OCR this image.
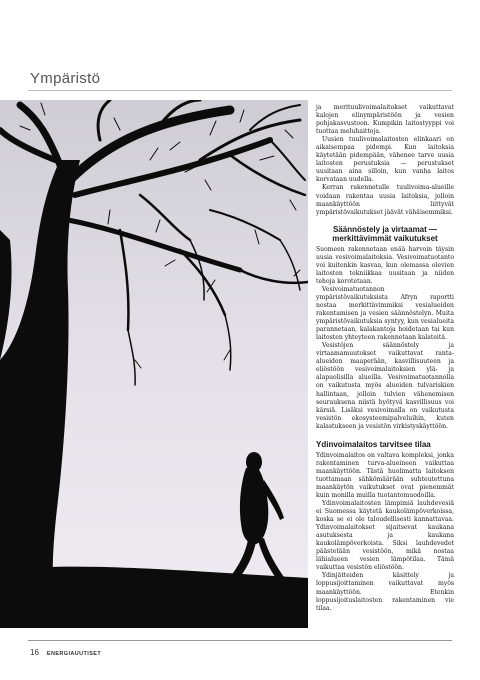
Ympäristö

ja merituulivoimalaitokset vaikuttavat kalojen elinympäristöön ja vesien pohjakasvustoon. Kumpikin laitostyyppi voi tuottaa meluhaittoja.

Uusien tuulivoimalaitosten elinkaari on aikaisempaa pidempi. Kun laitoksia käytetään pidempään, vähenee tarve uusia laitosten perustuksia — perustukset uusitaan aina silloin, kun vanha laitos korvataan uudella.

Kerran rakennetulle tuulivoima-alueille voidaan rakentaa uusia laitoksia, jolloin maankäyttöön liittyvät ympäristövaikutukset jäävät vähäisemmiksi.

Säännöstely ja virtaamat — merkittävimmät vaikutukset

Suomeen rakennetaan enää harvoin täysin uusia vesivoimalaitoksia. Vesivoimatuotanto voi kuitenkin kasvaa, kun olemassa olevien laitosten tekniikkaa uusitaan ja niiden tehoja korotetaan.

Vesivoimatuotannon ympäristövaikutuksista Afryn raportti nostaa merkittävimmiksi vesialueiden rakentamisen ja vesien säännöstelyn. Muita ympäristövaikutuksia syntyy, kun vesialueita parannetaan, kalakantoja hoidetaan tai kun laitosten yhteyteen rakennetaan kalateitä.

Vesistöjen säännöstely ja virtaamamuutokset vaikuttavat ranta-alueiden maaperään, kasvillisuuteen ja eliöstöön vesivoimalaitoksien ylä- ja alapuolisilla alueilla. Vesivoimatuotannolla on vaikutusta myös alueiden tulvariskien hallintaan, jolloin tulvien vähenemisen seurauksena niistä hyötyvä kasvillisuus voi kärsiä. Lisäksi vesivoimalla on vaikutusta vesistön ekosysteemipalveluihin, kuten kalastukseen ja vesistön virkistyskäyttöön.

Ydinvoimalaitos tarvitsee tilaa

Ydinvoimalaitos on valtava kompleksi, jonka rakentaminen turva-alueineen vaikuttaa maankäyttöön. Tästä huolimatta laitoksen tuottamaan sähkömäärään suhteutettuna maankäytön vaikutukset ovat pienemmät kuin monilla muilla tuotantomuodoilla.

Ydinvoimalaitosten lämpimiä lauhdevesiä ei Suomessa käytetä kaukolämpöverkoissa, koska se ei ole taloudellisesti kannattavaa. Ydinvoimalaitokset sijaitsevat kaukana asutuksesta ja kaukana kaukolämpöverkoista. Siksi lauhdevedet päästetään vesistöön, mikä nostaa lähialueen vesien lämpötilaa. Tämä vaikuttaa vesistön eliöstöön.

Ydinjätteiden käsittely ja loppusijoittaminen vaikuttavat myös maankäyttöön. Etenkin loppusijoituslaitosten rakentaminen vie tilaa.

16 ENERGIAUUTISET
